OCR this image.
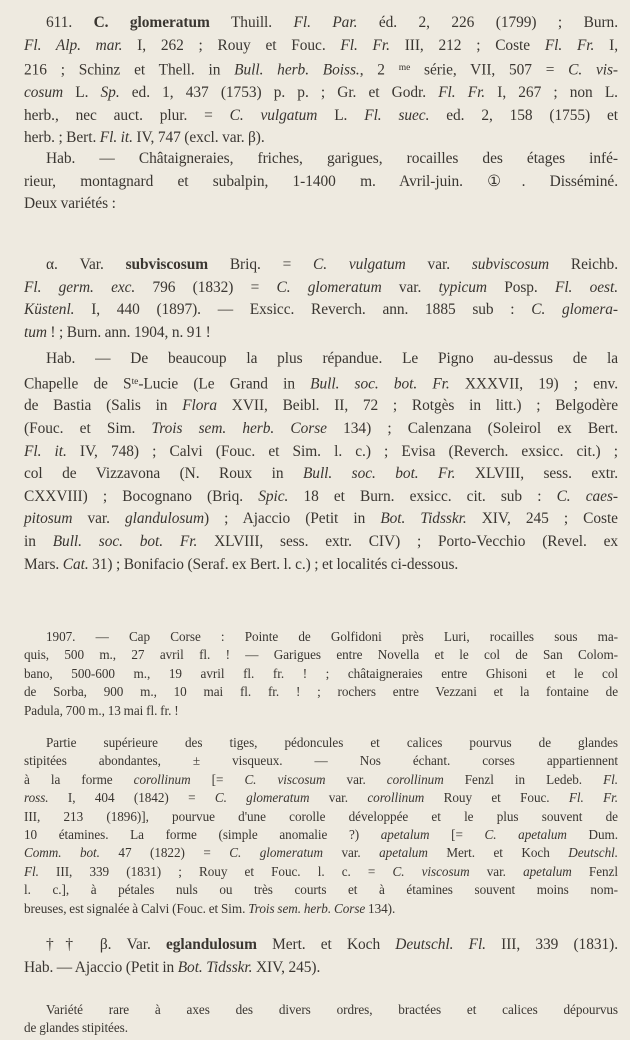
611. C. glomeratum Thuill. Fl. Par. éd. 2, 226 (1799) ; Burn.
Fl. Alp. mar. I, 262 ; Rouy et Fouc. Fl. Fr. III, 212 ; Coste Fl. Fr. I,
216 ; Schinz et Thell. in Bull. herb. Boiss., 2 $^{me}$ série, VII, 507 = C. vis-
cosum L. Sp. ed. 1, 437 (1753) p. p. ; Gr. et Godr. Fl. Fr. I, 267 ; non L.
herb., nec auct. plur. = C. vulgatum L. Fl. suec. ed. 2, 158 (1755) et
herb. ; Bert. Fl. it. IV, 747 (excl. var. β).
Hab. — Châtaigneraies, friches, garigues, rocailles des étages infé-
rieur, montagnard et subalpin, 1-1400 m. Avril-juin. ①. Disséminé.
Deux variétés :
α. Var. subviscosum Briq. = C. vulgatum var. subviscosum Reichb.
Fl. germ. exc. 796 (1832) = C. glomeratum var. typicum Posp. Fl. oest.
Küstenl. I, 440 (1897). — Exsicc. Reverch. ann. 1885 sub : C. glomera-
tum ! ; Burn. ann. 1904, n. 91 !
Hab. — De beaucoup la plus répandue. Le Pigno au-dessus de la
Chapelle de $S^{te}$-Lucie (Le Grand in Bull. soc. bot. Fr. XXXVII, 19) ; env.
de Bastia (Salis in Flora XVII, Beibl. II, 72 ; Rotgès in litt.) ; Belgodère
(Fouc. et Sim. Trois sem. herb. Corse 134) ; Calenzana (Soleirol ex Bert.
Fl. it. IV, 748) ; Calvi (Fouc. et Sim. l. c.) ; Evisa (Reverch. exsicc. cit.) ;
col de Vizzavona (N. Roux in Bull. soc. bot. Fr. XLVIII, sess. extr.
CXXVIII) ; Bocognano (Briq. Spic. 18 et Burn. exsicc. cit. sub : C. caes-
pitosum var. glandulosum) ; Ajaccio (Petit in Bot. Tidsskr. XIV, 245 ; Coste
in Bull. soc. bot. Fr. XLVIII, sess. extr. CIV) ; Porto-Vecchio (Revel. ex
Mars. Cat. 31) ; Bonifacio (Seraf. ex Bert. l. c.) ; et localités ci-dessous.
1907. — Cap Corse : Pointe de Golfidoni près Luri, rocailles sous ma-
quis, 500 m., 27 avril fl. ! — Garigues entre Novella et le col de San Colom-
bano, 500-600 m., 19 avril fl. fr. ! ; châtaigneraies entre Ghisoni et le col
de Sorba, 900 m., 10 mai fl. fr. ! ; rochers entre Vezzani et la fontaine de
Padula, 700 m., 13 mai fl. fr. !
Partie supérieure des tiges, pédoncules et calices pourvus de glandes
stipitées abondantes, ± visqueux. — Nos échant. corses appartiennent
à la forme corollinum [= C. viscosum var. corollinum Fenzl in Ledeb. Fl.
ross. I, 404 (1842) = C. glomeratum var. corollinum Rouy et Fouc. Fl. Fr.
III, 213 (1896)], pourvue d'une corolle développée et le plus souvent de
10 étamines. La forme (simple anomalie ?) apetalum [= C. apetalum Dum.
Comm. bot. 47 (1822) = C. glomeratum var. apetalum Mert. et Koch Deutschl.
Fl. III, 339 (1831) ; Rouy et Fouc. l. c. = C. viscosum var. apetalum Fenzl
l. c.], à pétales nuls ou très courts et à étamines souvent moins nom-
breuses, est signalée à Calvi (Fouc. et Sim. Trois sem. herb. Corse 134).
†† β. Var. eglandulosum Mert. et Koch Deutschl. Fl. III, 339 (1831).
Hab. — Ajaccio (Petit in Bot. Tidsskr. XIV, 245).
Variété rare à axes des divers ordres, bractées et calices dépourvus
de glandes stipitées.
